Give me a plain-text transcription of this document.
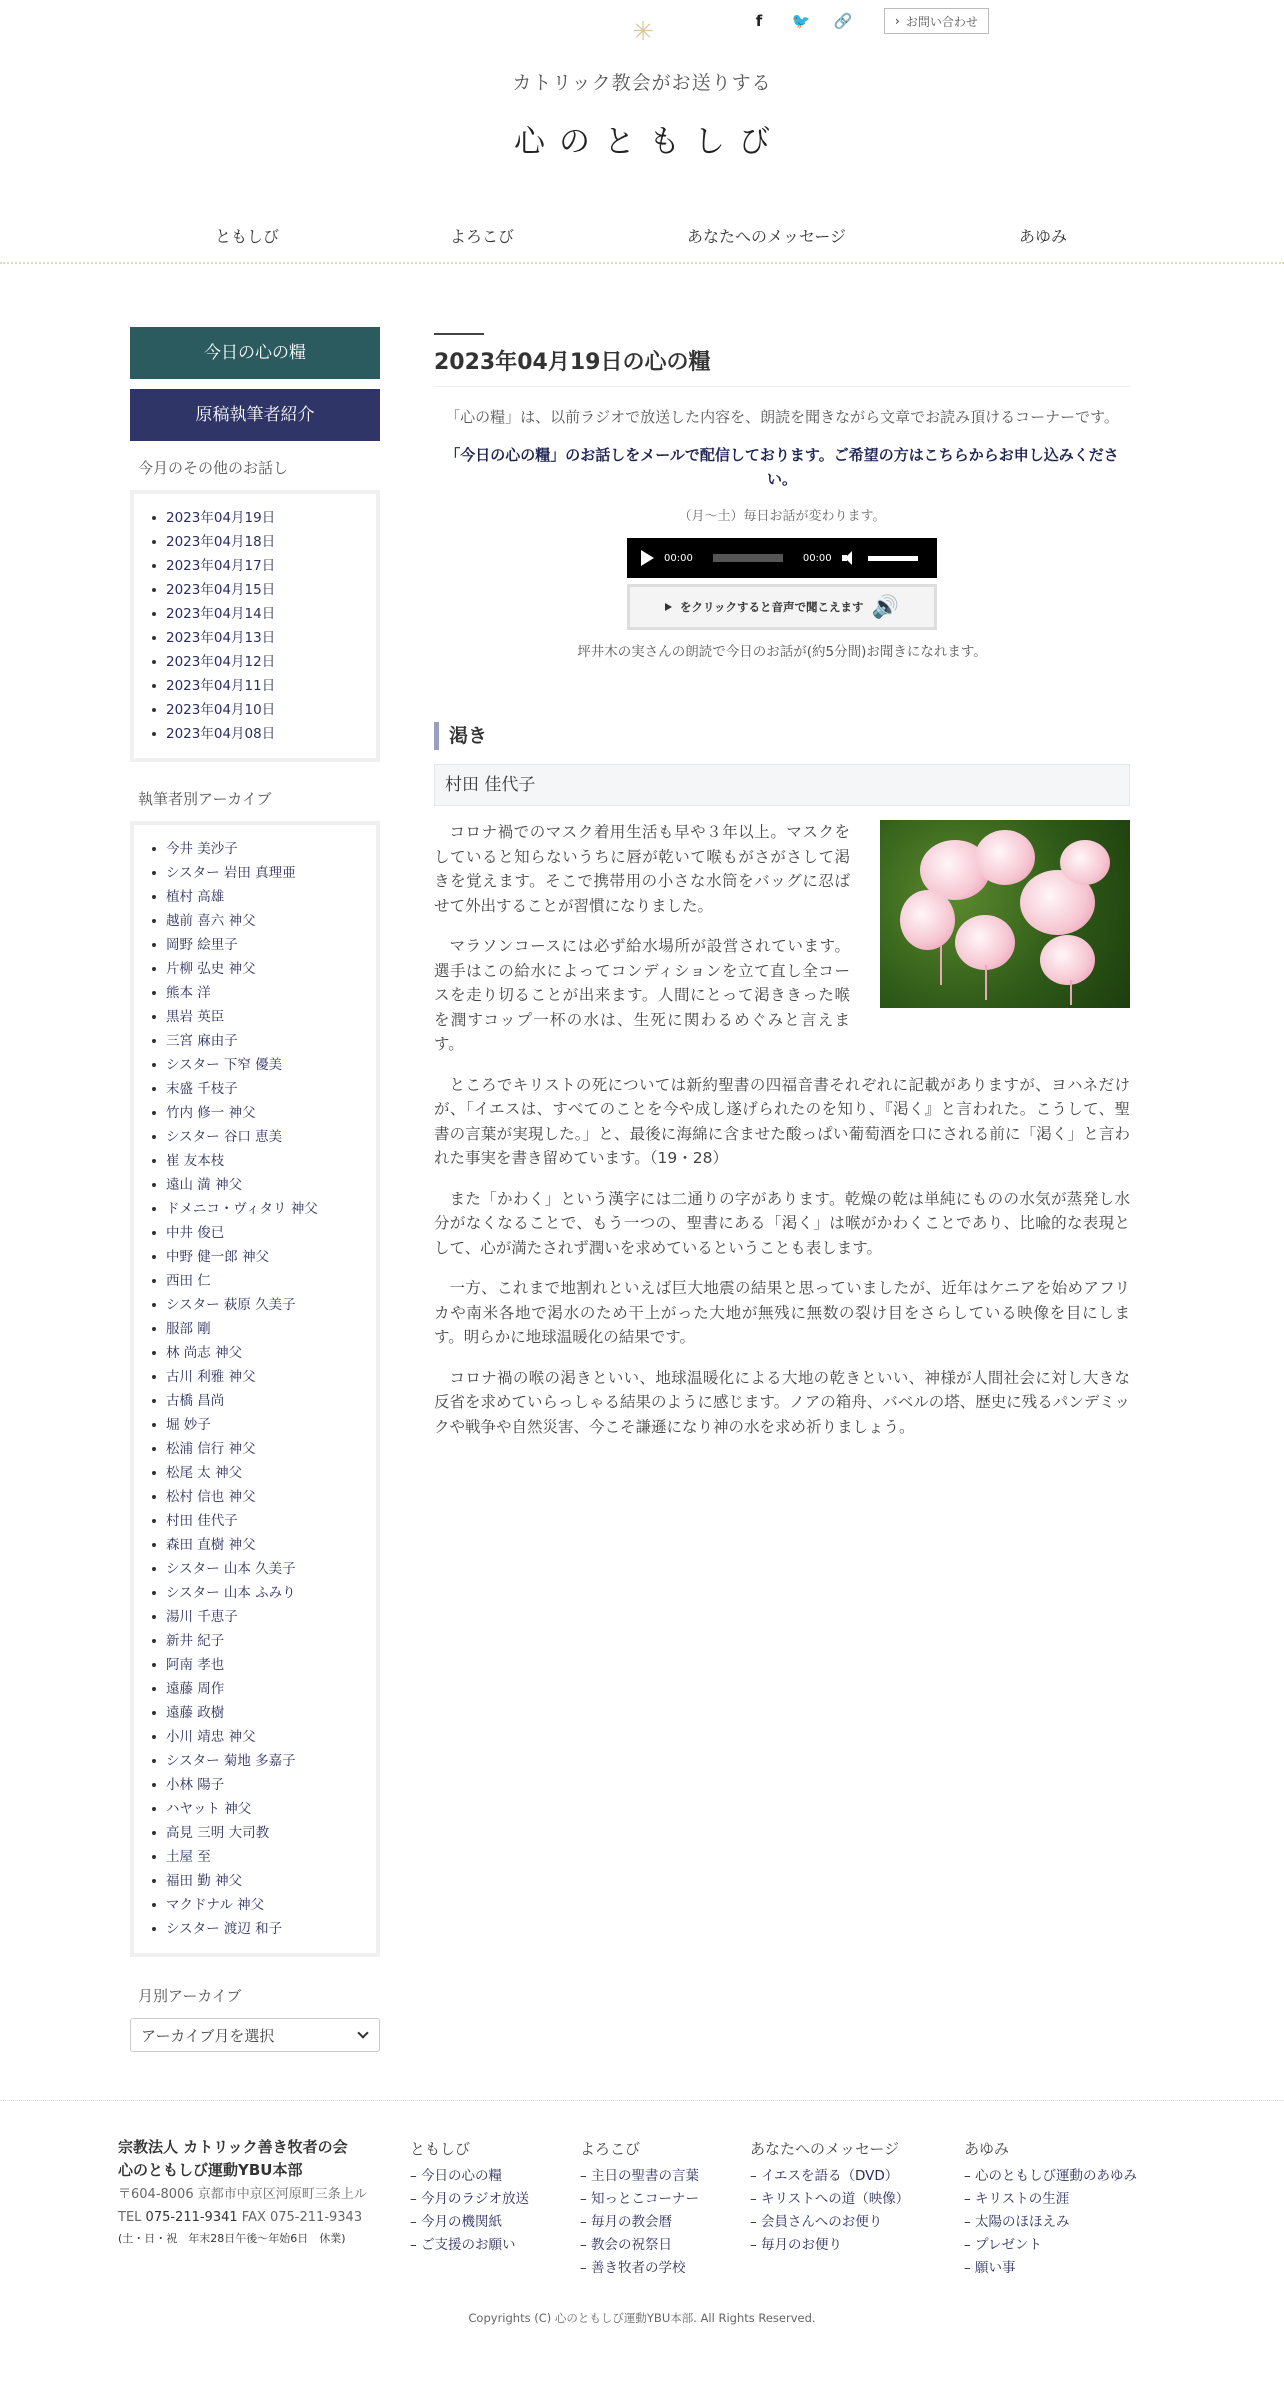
✳	f	🐦 🔗	› お問い合わせ
カトリック教会がお送りする
心のともしび
ともしび	よろこび	あなたへのメッセージ	あゆみ
今日の心の糧
原稿執筆者紹介
今月のその他のお話し
2023年04月19日
2023年04月18日
2023年04月17日
2023年04月15日
2023年04月14日
2023年04月13日
2023年04月12日
2023年04月11日
2023年04月10日
2023年04月08日
執筆者別アーカイブ
今井 美沙子
シスター 岩田 真理亜
植村 高雄
越前 喜六 神父
岡野 絵里子
片柳 弘史 神父
熊本 洋
黒岩 英臣
三宮 麻由子
シスター 下窄 優美
末盛 千枝子
竹内 修一 神父
シスター 谷口 恵美
崔 友本枝
遠山 満 神父
ドメニコ・ヴィタリ 神父
中井 俊已
中野 健一郎 神父
西田 仁
シスター 萩原 久美子
服部 剛
林 尚志 神父
古川 利雅 神父
古橋 昌尚
堀 妙子
松浦 信行 神父
松尾 太 神父
松村 信也 神父
村田 佳代子
森田 直樹 神父
シスター 山本 久美子
シスター 山本 ふみり
湯川 千恵子
新井 紀子
阿南 孝也
遠藤 周作
遠藤 政樹
小川 靖忠 神父
シスター 菊地 多嘉子
小林 陽子
ハヤット 神父
高見 三明 大司教
土屋 至
福田 勤 神父
マクドナル 神父
シスター 渡辺 和子
月別アーカイブ
アーカイブ月を選択
2023年04月19日の心の糧

「心の糧」は、以前ラジオで放送した内容を、朗読を聞きながら文章でお読み頂けるコーナーです。

「今日の心の糧」のお話しをメールで配信しております。ご希望の方はこちらからお申し込みください。

（月～土）毎日お話が変わります。

00:00	00:00
をクリックすると音声で聞こえます 🔊

坪井木の実さんの朗読で今日のお話が(約5分間)お聞きになれます。

渇き
村田 佳代子

コロナ禍でのマスク着用生活も早や３年以上。マスクをしていると知らないうちに唇が乾いて喉もがさがさして渇きを覚えます。そこで携帯用の小さな水筒をバッグに忍ばせて外出することが習慣になりました。

マラソンコースには必ず給水場所が設営されています。選手はこの給水によってコンディションを立て直し全コースを走り切ることが出来ます。人間にとって渇ききった喉を潤すコップ一杯の水は、生死に関わるめぐみと言えます。

ところでキリストの死については新約聖書の四福音書それぞれに記載がありますが、ヨハネだけが、「イエスは、すべてのことを今や成し遂げられたのを知り、『渇く』と言われた。こうして、聖書の言葉が実現した。」と、最後に海綿に含ませた酸っぱい葡萄酒を口にされる前に「渇く」と言われた事実を書き留めています。（19・28）

また「かわく」という漢字には二通りの字があります。乾燥の乾は単純にものの水気が蒸発し水分がなくなることで、もう一つの、聖書にある「渇く」は喉がかわくことであり、比喩的な表現として、心が満たされず潤いを求めているということも表します。

一方、これまで地割れといえば巨大地震の結果と思っていましたが、近年はケニアを始めアフリカや南米各地で渇水のため干上がった大地が無残に無数の裂け目をさらしている映像を目にします。明らかに地球温暖化の結果です。

コロナ禍の喉の渇きといい、地球温暖化による大地の乾きといい、神様が人間社会に対し大きな反省を求めていらっしゃる結果のように感じます。ノアの箱舟、バベルの塔、歴史に残るパンデミックや戦争や自然災害、今こそ謙遜になり神の水を求め祈りましょう。

宗教法人 カトリック善き牧者の会
心のともしび運動YBU本部
〒604-8006 京都市中京区河原町三条上ル
TEL 075-211-9341 FAX 075-211-9343
(土・日・祝　年末28日午後～年始6日　休業)
ともしび
– 今日の心の糧
– 今月のラジオ放送
– 今月の機関紙
– ご支援のお願い
よろこび
– 主日の聖書の言葉
– 知っとこコーナー
– 毎月の教会暦
– 教会の祝祭日
– 善き牧者の学校
あなたへのメッセージ
– イエスを語る（DVD）
– キリストへの道（映像）
– 会員さんへのお便り
– 毎月のお便り
あゆみ
– 心のともしび運動のあゆみ
– キリストの生涯
– 太陽のほほえみ
– プレゼント
– 願い事
Copyrights (C) 心のともしび運動YBU本部. All Rights Reserved.
